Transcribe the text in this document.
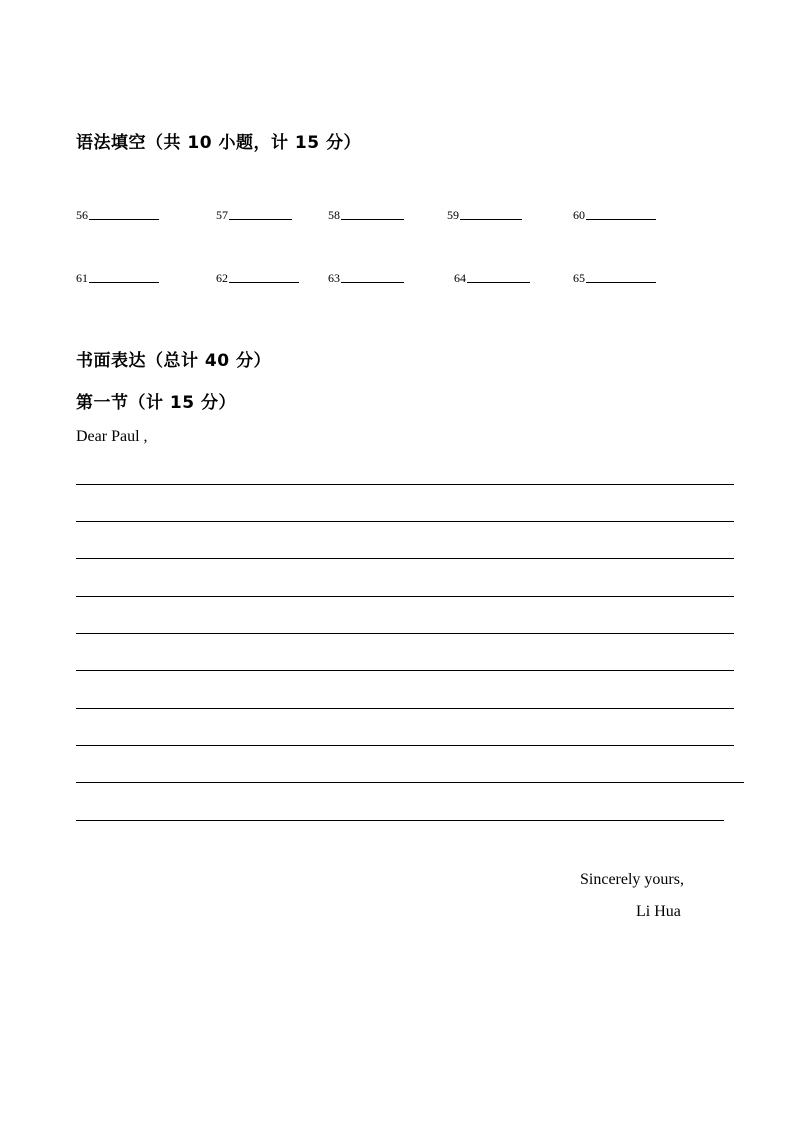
语法填空（共 10 小题，计 15 分）
56	57	58	59	60
61	62	63	64	65
书面表达（总计 40 分）
第一节（计 15 分）
Dear Paul ,
Sincerely yours,
Li Hua
